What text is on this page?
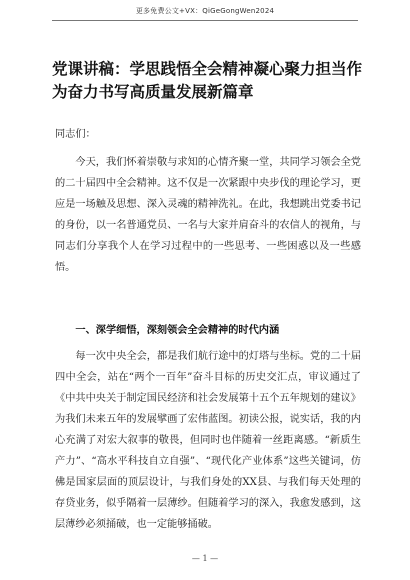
更多免费公文+VX：QiGeGongWen2024
党课讲稿：学思践悟全会精神凝心聚力担当作为奋力书写高质量发展新篇章

同志们：

今天，我们怀着崇敬与求知的心情齐聚一堂，共同学习领会全党的二十届四中全会精神。这不仅是一次紧跟中央步伐的理论学习，更应是一场触及思想、深入灵魂的精神洗礼。在此，我想跳出党委书记的身份，以一名普通党员、一名与大家并肩奋斗的农信人的视角，与同志们分享我个人在学习过程中的一些思考、一些困惑以及一些感悟。

一、深学细悟，深刻领会全会精神的时代内涵

每一次中央全会，都是我们航行途中的灯塔与坐标。党的二十届四中全会，站在“两个一百年”奋斗目标的历史交汇点，审议通过了《中共中央关于制定国民经济和社会发展第十五个五年规划的建议》为我们未来五年的发展擘画了宏伟蓝图。初读公报，说实话，我的内心充满了对宏大叙事的敬畏，但同时也伴随着一丝距离感。“新质生产力”、“高水平科技自立自强”、“现代化产业体系”这些关键词，仿佛是国家层面的顶层设计，与我们身处的XX县、与我们每天处理的存贷业务，似乎隔着一层薄纱。但随着学习的深入，我愈发感到，这层薄纱必须捅破，也一定能够捅破。

— 1 —
